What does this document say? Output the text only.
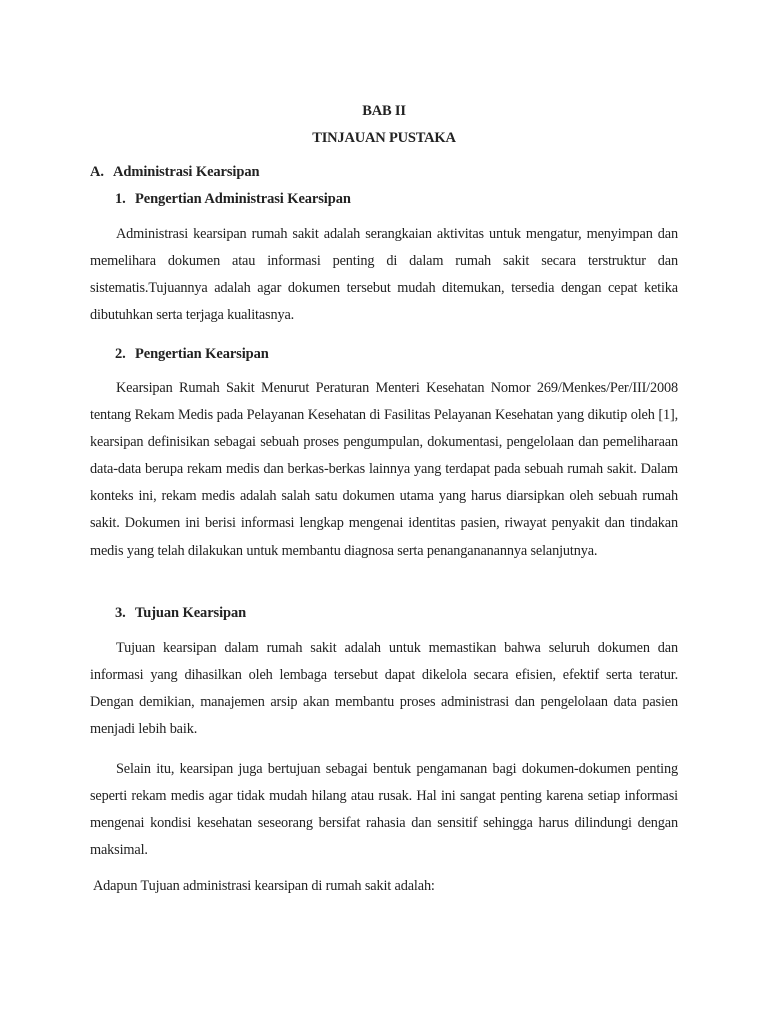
BAB II
TINJAUAN PUSTAKA
A. Administrasi Kearsipan
1. Pengertian Administrasi Kearsipan

Administrasi kearsipan rumah sakit adalah serangkaian aktivitas untuk mengatur, menyimpan dan memelihara dokumen atau informasi penting di dalam rumah sakit secara terstruktur dan sistematis.Tujuannya adalah agar dokumen tersebut mudah ditemukan, tersedia dengan cepat ketika dibutuhkan serta terjaga kualitasnya.

2. Pengertian Kearsipan

Kearsipan Rumah Sakit Menurut Peraturan Menteri Kesehatan Nomor 269/Menkes/Per/III/2008 tentang Rekam Medis pada Pelayanan Kesehatan di Fasilitas Pelayanan Kesehatan yang dikutip oleh [1], kearsipan definisikan sebagai sebuah proses pengumpulan, dokumentasi, pengelolaan dan pemeliharaan data-data berupa rekam medis dan berkas-berkas lainnya yang terdapat pada sebuah rumah sakit. Dalam konteks ini, rekam medis adalah salah satu dokumen utama yang harus diarsipkan oleh sebuah rumah sakit. Dokumen ini berisi informasi lengkap mengenai identitas pasien, riwayat penyakit dan tindakan medis yang telah dilakukan untuk membantu diagnosa serta penangananannya selanjutnya.

3. Tujuan Kearsipan

Tujuan kearsipan dalam rumah sakit adalah untuk memastikan bahwa seluruh dokumen dan informasi yang dihasilkan oleh lembaga tersebut dapat dikelola secara efisien, efektif serta teratur. Dengan demikian, manajemen arsip akan membantu proses administrasi dan pengelolaan data pasien menjadi lebih baik.

Selain itu, kearsipan juga bertujuan sebagai bentuk pengamanan bagi dokumen-dokumen penting seperti rekam medis agar tidak mudah hilang atau rusak. Hal ini sangat penting karena setiap informasi mengenai kondisi kesehatan seseorang bersifat rahasia dan sensitif sehingga harus dilindungi dengan maksimal.

Adapun Tujuan administrasi kearsipan di rumah sakit adalah:
